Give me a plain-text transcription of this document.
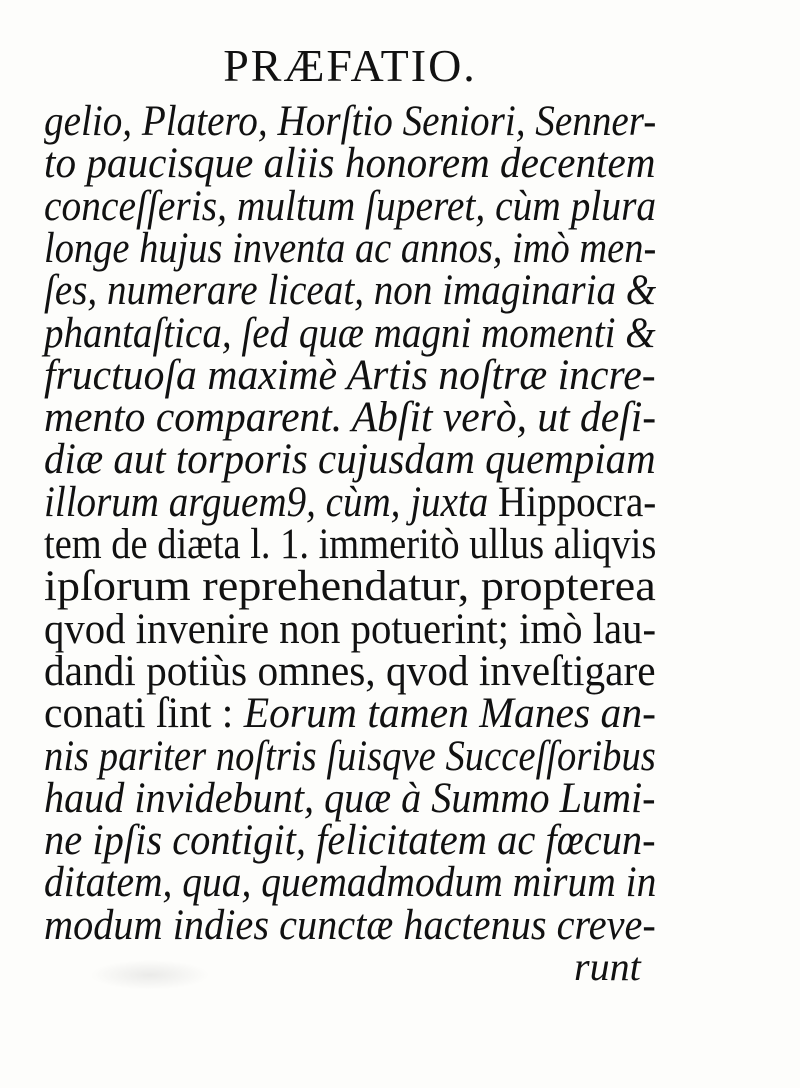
PRÆFATIO.
gelio, Platero, Horſtio Seniori, Senner-
to paucisque aliis honorem decentem
conceſſeris, multum ſuperet, cùm plura
longe hujus inventa ac annos, imò men-
ſes, numerare liceat, non imaginaria &
phantaſtica, ſed quæ magni momenti &
fructuoſa maximè Artis noſtræ incre-
mento comparent. Abſit verò, ut deſi-
diæ aut torporis cujusdam quempiam
illorum arguem9, cùm, juxta Hippocra-
tem de diæta l. 1. immeritò ullus aliqvis
ipſorum reprehendatur, propterea
qvod invenire non potuerint; imò lau-
dandi potiùs omnes, qvod inveſtigare
conati ſint : Eorum tamen Manes an-
nis pariter noſtris ſuisqve Succeſſoribus
haud invidebunt, quæ à Summo Lumi-
ne ipſis contigit, felicitatem ac fœcun-
ditatem, qua, quemadmodum mirum in
modum indies cunctæ hactenus creve-
runt
